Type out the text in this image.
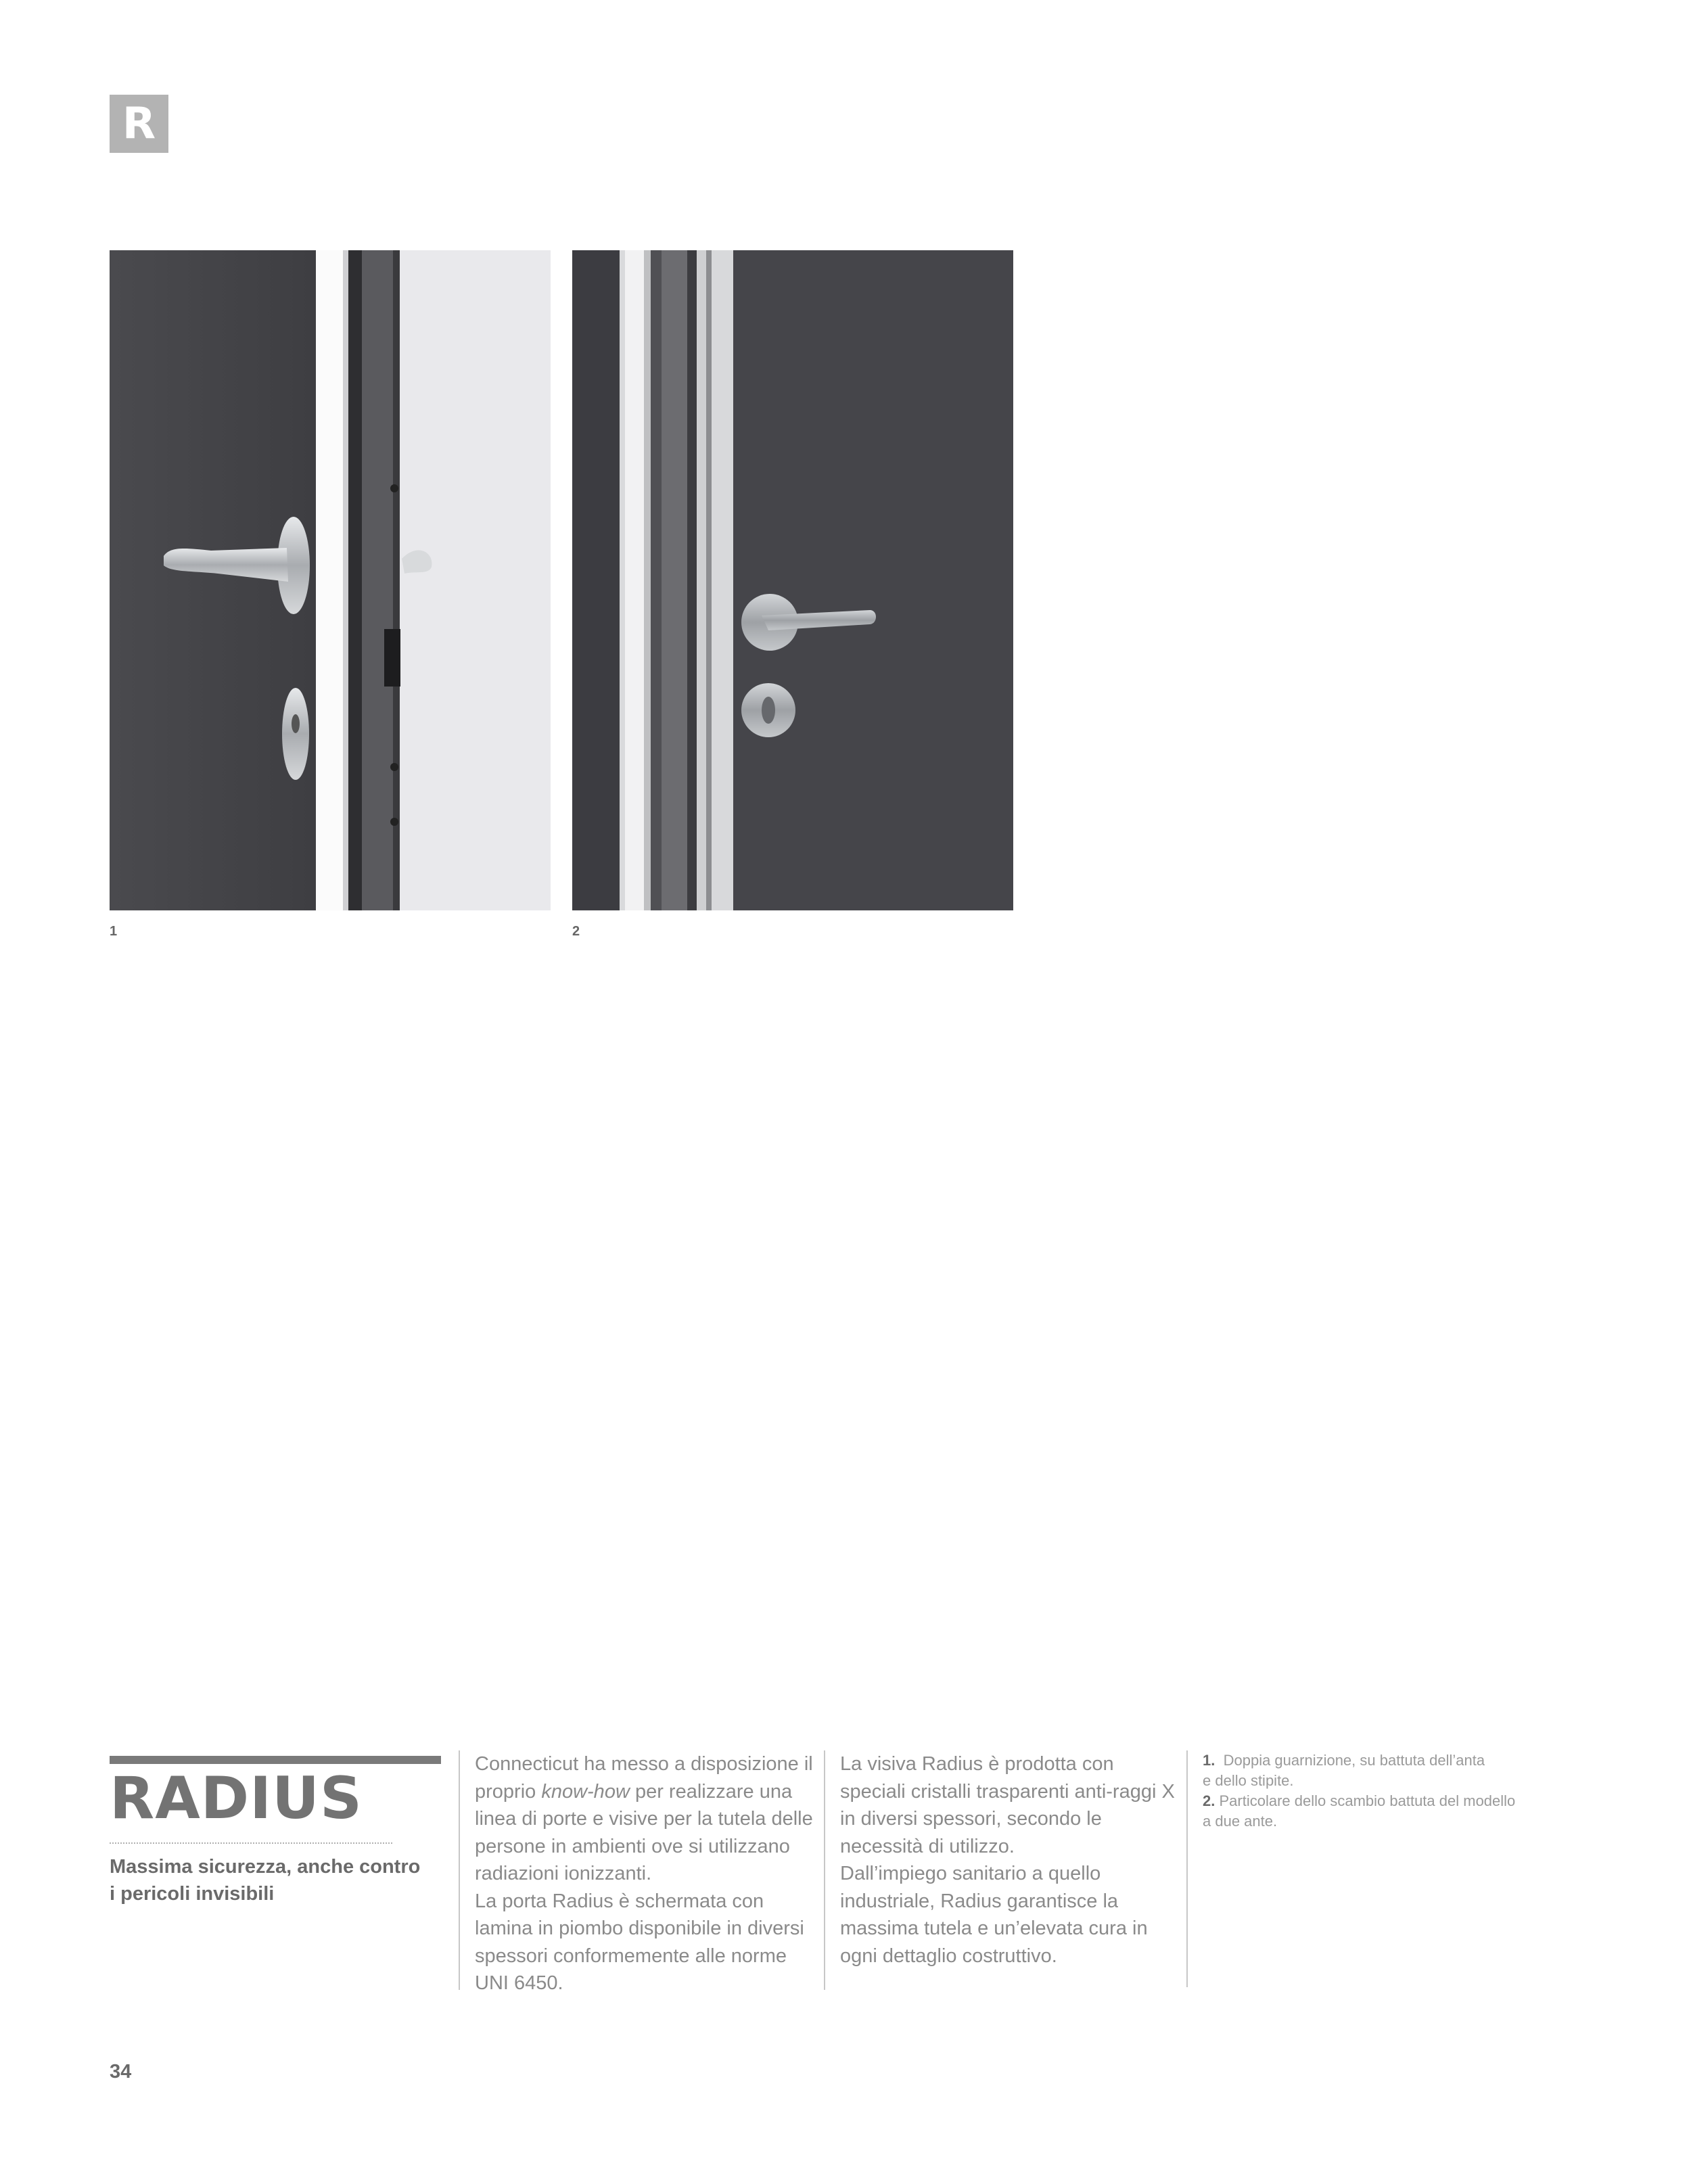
R
1	2
RADIUS
Massima sicurezza, anche contro
i pericoli invisibili

Connecticut ha messo a disposizione il proprio know-how per realizzare una linea di porte e visive per la tutela delle persone in ambienti ove si utilizzano radiazioni ionizzanti.

La porta Radius è schermata con lamina in piombo disponibile in diversi spessori conformemente alle norme UNI 6450.

La visiva Radius è prodotta con speciali cristalli trasparenti anti-raggi X in diversi spessori, secondo le necessità di utilizzo.

Dall’impiego sanitario a quello industriale, Radius garantisce la massima tutela e un’elevata cura in ogni dettaglio costruttivo.

1. Doppia guarnizione, su battuta dell’anta
e dello stipite.

2. Particolare dello scambio battuta del modello
a due ante.

34
